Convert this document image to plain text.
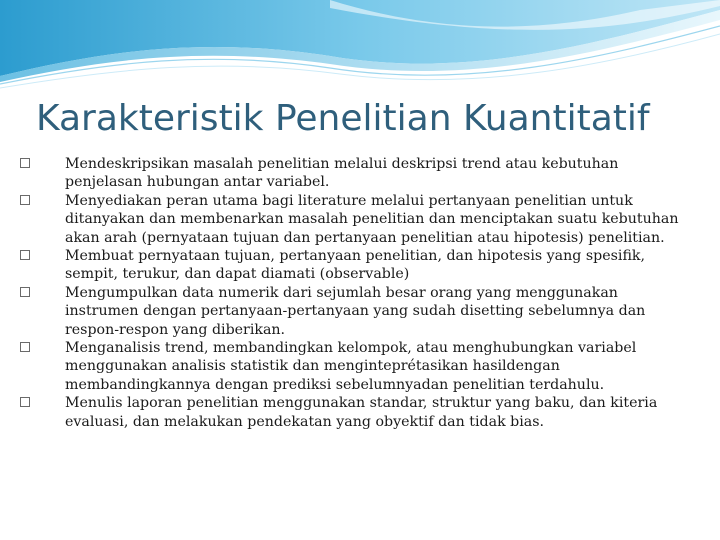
Karakteristik Penelitian Kuantitatif
Mendeskripsikan masalah penelitian melalui deskripsi trend atau kebutuhan penjelasan hubungan antar variabel.
Menyediakan peran utama bagi literature melalui pertanyaan penelitian untuk ditanyakan dan membenarkan masalah penelitian dan menciptakan suatu kebutuhan akan arah (pernyataan tujuan dan pertanyaan penelitian atau hipotesis) penelitian.
Membuat pernyataan tujuan, pertanyaan penelitian, dan hipotesis yang spesifik, sempit, terukur, dan dapat diamati (observable)
Mengumpulkan data numerik dari sejumlah besar orang yang menggunakan instrumen dengan pertanyaan-pertanyaan yang sudah disetting sebelumnya dan respon-respon yang diberikan.
Menganalisis trend, membandingkan kelompok, atau menghubungkan variabel menggunakan analisis statistik dan menginteprétasikan hasildengan membandingkannya dengan prediksi sebelumnyadan penelitian terdahulu.
Menulis laporan penelitian menggunakan standar, struktur yang baku, dan kiteria evaluasi, dan melakukan pendekatan yang obyektif dan tidak bias.
